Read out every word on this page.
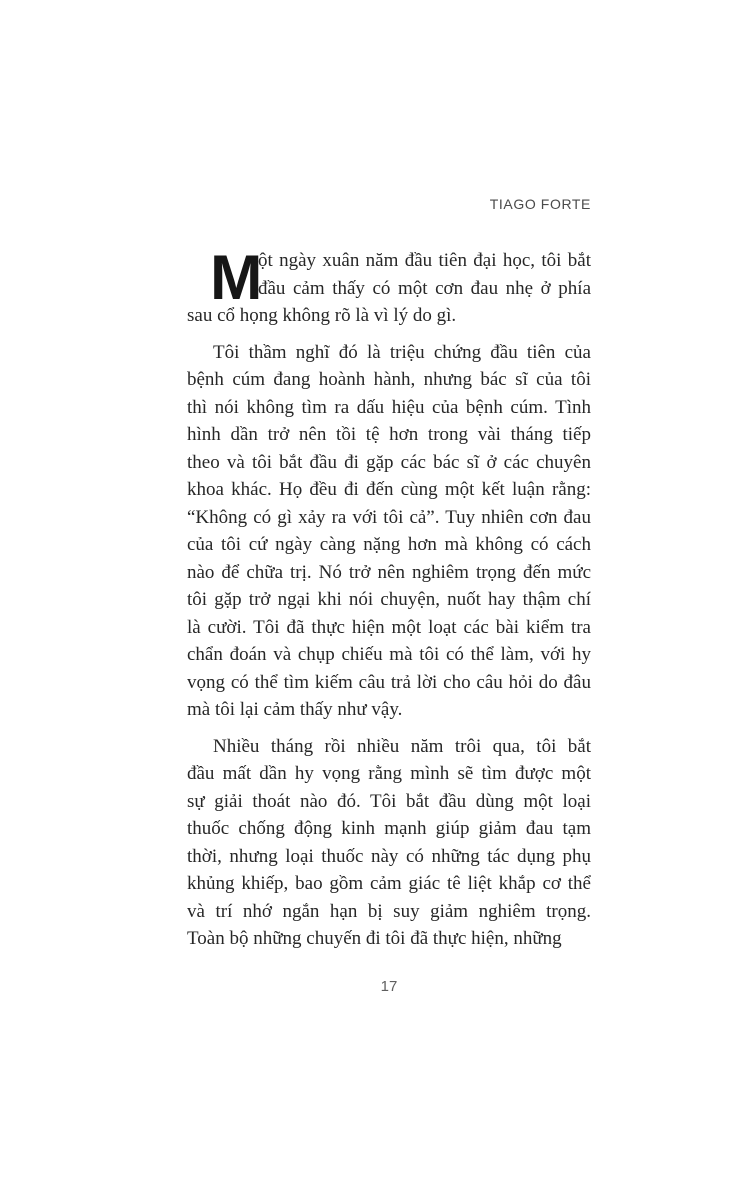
TIAGO FORTE
M
ột ngày xuân năm đầu tiên đại học, tôi bắt
đầu cảm thấy có một cơn đau nhẹ ở phía
sau cổ họng không rõ là vì lý do gì.
Tôi thầm nghĩ đó là triệu chứng đầu tiên của
bệnh cúm đang hoành hành, nhưng bác sĩ của tôi
thì nói không tìm ra dấu hiệu của bệnh cúm. Tình
hình dần trở nên tồi tệ hơn trong vài tháng tiếp
theo và tôi bắt đầu đi gặp các bác sĩ ở các chuyên
khoa khác. Họ đều đi đến cùng một kết luận rằng:
“Không có gì xảy ra với tôi cả”. Tuy nhiên cơn đau
của tôi cứ ngày càng nặng hơn mà không có cách
nào để chữa trị. Nó trở nên nghiêm trọng đến mức
tôi gặp trở ngại khi nói chuyện, nuốt hay thậm chí
là cười. Tôi đã thực hiện một loạt các bài kiểm tra
chẩn đoán và chụp chiếu mà tôi có thể làm, với hy
vọng có thể tìm kiếm câu trả lời cho câu hỏi do đâu
mà tôi lại cảm thấy như vậy.
Nhiều tháng rồi nhiều năm trôi qua, tôi bắt
đầu mất dần hy vọng rằng mình sẽ tìm được một
sự giải thoát nào đó. Tôi bắt đầu dùng một loại
thuốc chống động kinh mạnh giúp giảm đau tạm
thời, nhưng loại thuốc này có những tác dụng phụ
khủng khiếp, bao gồm cảm giác tê liệt khắp cơ thể
và trí nhớ ngắn hạn bị suy giảm nghiêm trọng.
Toàn bộ những chuyến đi tôi đã thực hiện, những
17
